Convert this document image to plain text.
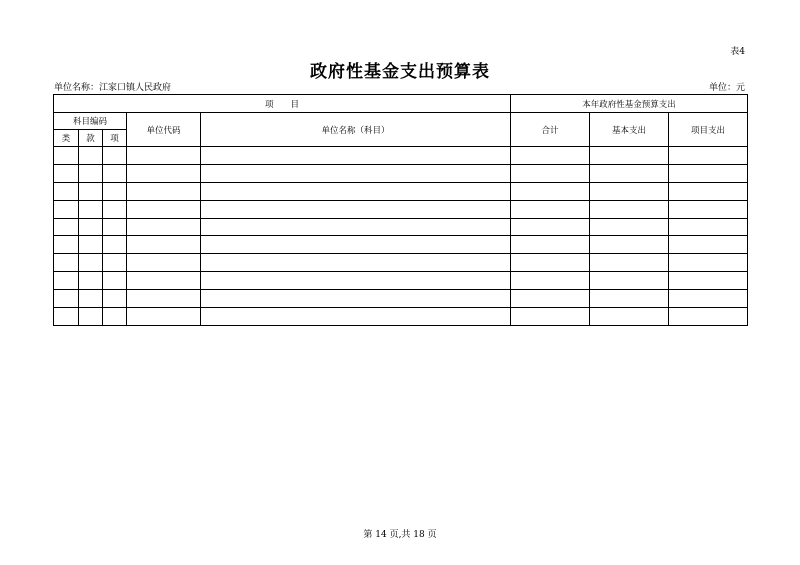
表4
政府性基金支出预算表
单位名称：江家口镇人民政府	单位：元
项　　目					本年政府性基金预算支出		
科目编码			单位代码	单位名称（科目）	合计	基本支出	项目支出
类	款	项					

第 14 页,共 18 页
